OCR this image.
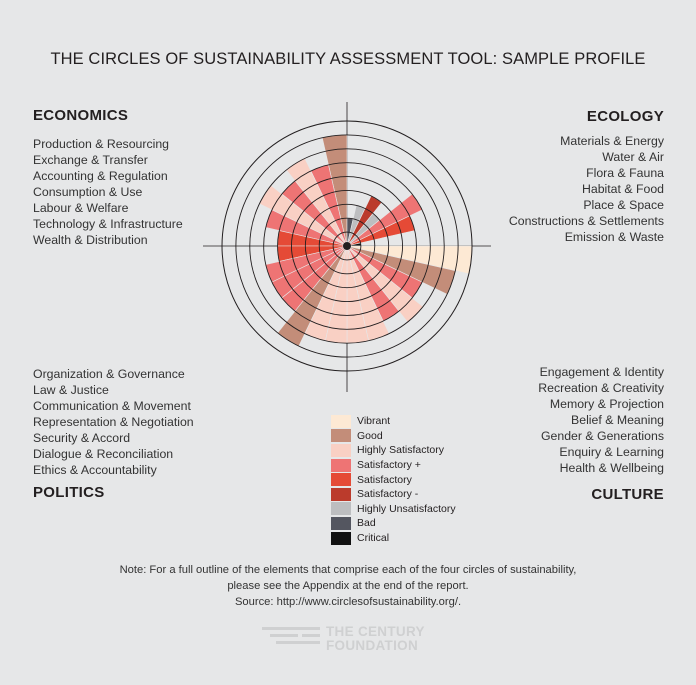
THE CIRCLES OF SUSTAINABILITY ASSESSMENT TOOL: SAMPLE PROFILE
ECONOMICS
Production & Resourcing
Exchange & Transfer
Accounting & Regulation
Consumption & Use
Labour & Welfare
Technology & Infrastructure
Wealth & Distribution
ECOLOGY
Materials & Energy
Water & Air
Flora & Fauna
Habitat & Food
Place & Space
Constructions & Settlements
Emission & Waste
Organization & Governance
Law & Justice
Communication & Movement
Representation & Negotiation
Security & Accord
Dialogue & Reconciliation
Ethics & Accountability
POLITICS
Engagement & Identity
Recreation & Creativity
Memory & Projection
Belief & Meaning
Gender & Generations
Enquiry & Learning
Health & Wellbeing
CULTURE
Vibrant
Good
Highly Satisfactory
Satisfactory +
Satisfactory
Satisfactory -
Highly Unsatisfactory
Bad
Critical
Note: For a full outline of the elements that comprise each of the four circles of sustainability,
please see the Appendix at the end of the report.
Source: http://www.circlesofsustainability.org/.
THE CENTURY
FOUNDATION
